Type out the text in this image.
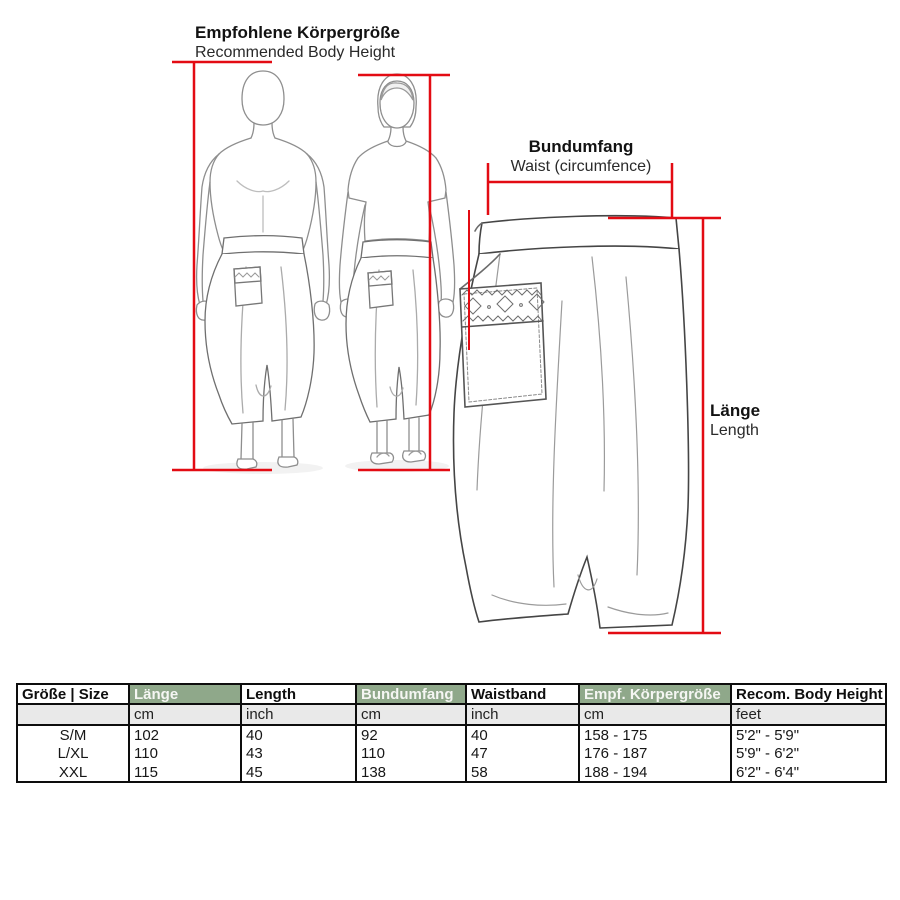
Empfohlene Körpergröße
Recommended Body Height
Bundumfang
Waist (circumfence)
Länge
Length
Größe | Size	Länge	Length	Bundumfang	Waistband	Empf. Körpergröße	Recom. Body Height
	cm	inch	cm	inch	cm	feet
S/M	102	40	92	40	158 - 175	5'2" - 5'9"
L/XL	110	43	110	47	176 - 187	5'9" - 6'2"
XXL	115	45	138	58	188 - 194	6'2" - 6'4"
